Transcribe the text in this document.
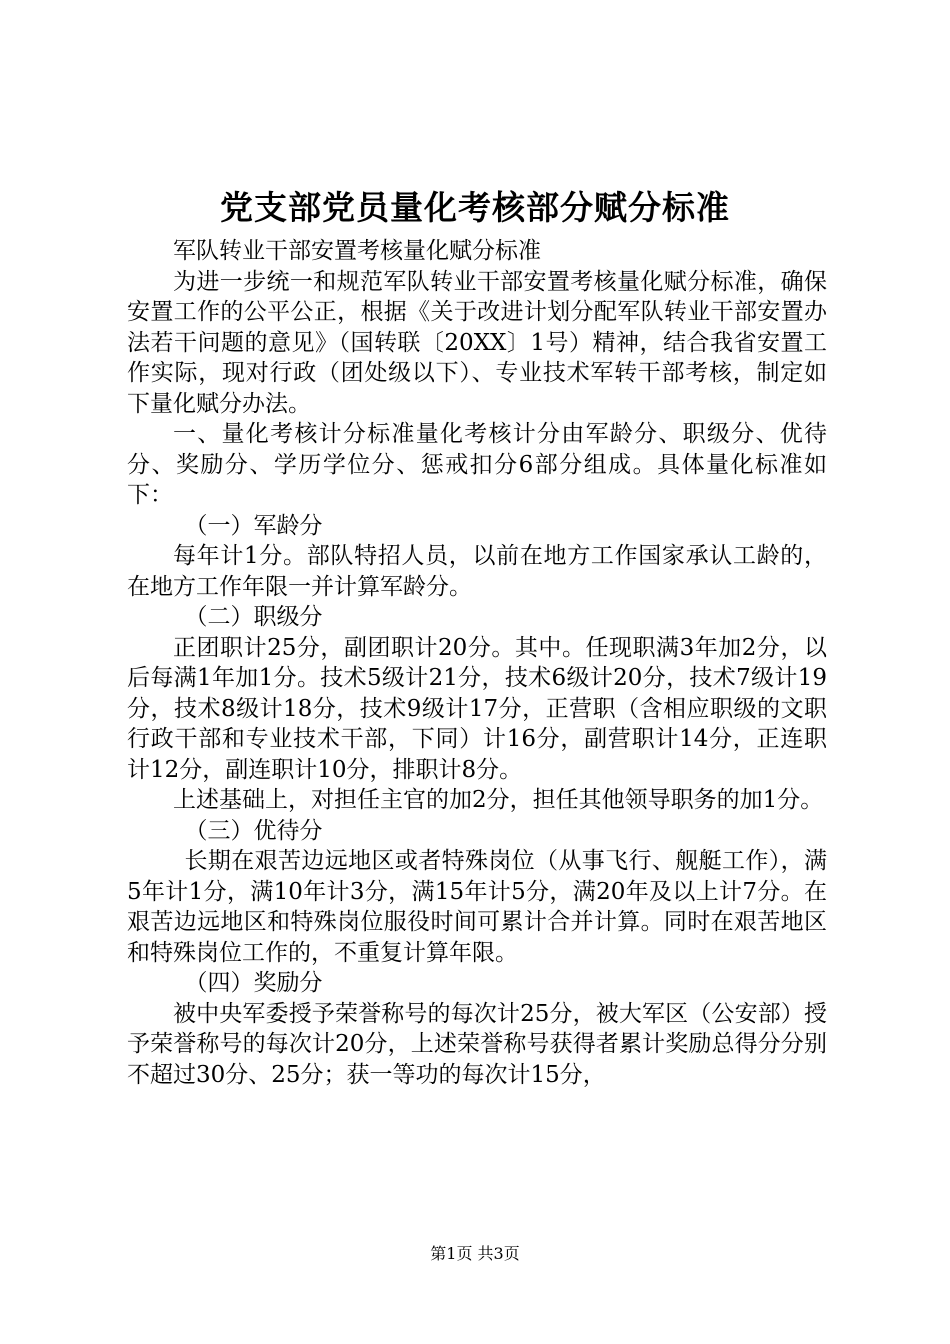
党支部党员量化考核部分赋分标准

军队转业干部安置考核量化赋分标准

为进一步统一和规范军队转业干部安置考核量化赋分标准，确保安置工作的公平公正，根据《关于改进计划分配军队转业干部安置办法若干问题的意见》（国转联〔20XX〕1号）精神，结合我省安置工作实际，现对行政（团处级以下）、专业技术军转干部考核，制定如下量化赋分办法。

一、量化考核计分标准量化考核计分由军龄分、职级分、优待分、奖励分、学历学位分、惩戒扣分6部分组成。具体量化标准如下：

（一）军龄分

每年计1分。部队特招人员，以前在地方工作国家承认工龄的，在地方工作年限一并计算军龄分。

（二）职级分

正团职计25分，副团职计20分。其中。任现职满3年加2分，以后每满1年加1分。技术5级计21分，技术6级计20分，技术7级计19分，技术8级计18分，技术9级计17分，正营职（含相应职级的文职行政干部和专业技术干部，下同）计16分，副营职计14分，正连职计12分，副连职计10分，排职计8分。

上述基础上，对担任主官的加2分，担任其他领导职务的加1分。

（三）优待分

长期在艰苦边远地区或者特殊岗位（从事飞行、舰艇工作），满5年计1分，满10年计3分，满15年计5分，满20年及以上计7分。在艰苦边远地区和特殊岗位服役时间可累计合并计算。同时在艰苦地区和特殊岗位工作的，不重复计算年限。

（四）奖励分

被中央军委授予荣誉称号的每次计25分，被大军区（公安部）授予荣誉称号的每次计20分，上述荣誉称号获得者累计奖励总得分分别不超过30分、25分；获一等功的每次计15分，

第1页 共3页
